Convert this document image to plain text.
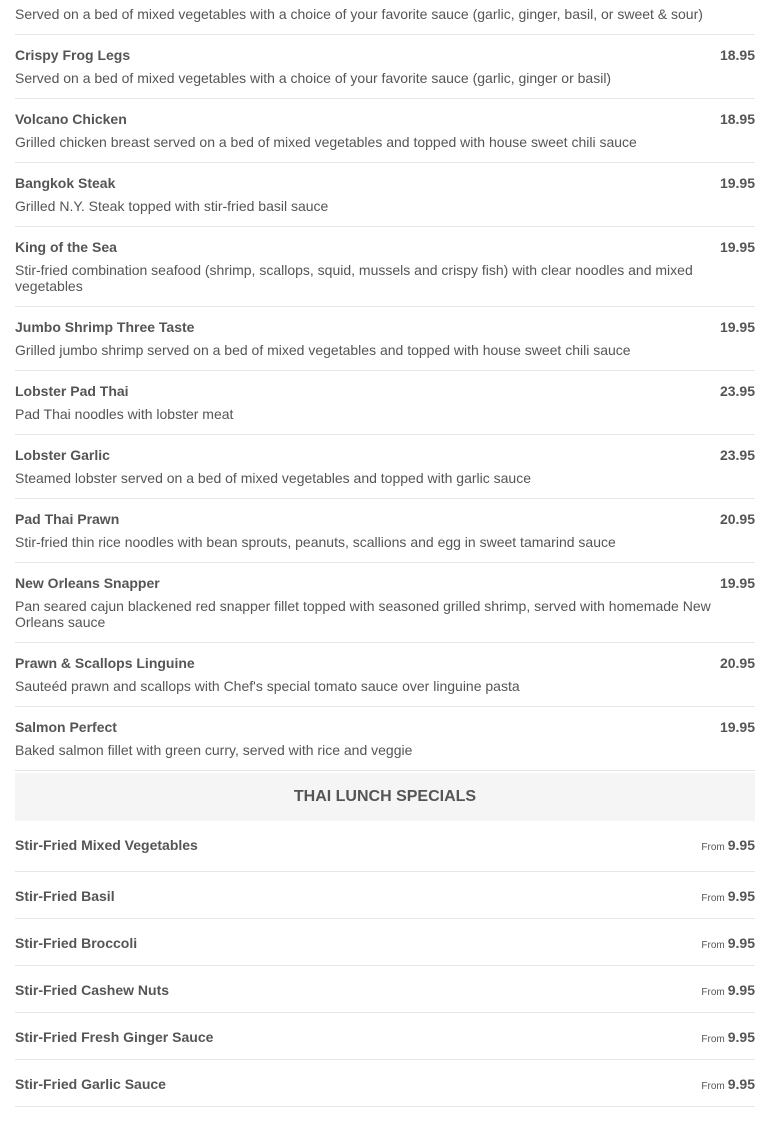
Served on a bed of mixed vegetables with a choice of your favorite sauce (garlic, ginger, basil, or sweet & sour)
Crispy Frog Legs	18.95
Served on a bed of mixed vegetables with a choice of your favorite sauce (garlic, ginger or basil)
Volcano Chicken	18.95
Grilled chicken breast served on a bed of mixed vegetables and topped with house sweet chili sauce
Bangkok Steak	19.95
Grilled N.Y. Steak topped with stir-fried basil sauce
King of the Sea	19.95
Stir-fried combination seafood (shrimp, scallops, squid, mussels and crispy fish) with clear noodles and mixed vegetables
Jumbo Shrimp Three Taste	19.95
Grilled jumbo shrimp served on a bed of mixed vegetables and topped with house sweet chili sauce
Lobster Pad Thai	23.95
Pad Thai noodles with lobster meat
Lobster Garlic	23.95
Steamed lobster served on a bed of mixed vegetables and topped with garlic sauce
Pad Thai Prawn	20.95
Stir-fried thin rice noodles with bean sprouts, peanuts, scallions and egg in sweet tamarind sauce
New Orleans Snapper	19.95
Pan seared cajun blackened red snapper fillet topped with seasoned grilled shrimp, served with homemade New Orleans sauce
Prawn & Scallops Linguine	20.95
Sauteéd prawn and scallops with Chef's special tomato sauce over linguine pasta
Salmon Perfect	19.95
Baked salmon fillet with green curry, served with rice and veggie
THAI LUNCH SPECIALS
Stir-Fried Mixed Vegetables	From 9.95
Stir-Fried Basil	From 9.95
Stir-Fried Broccoli	From 9.95
Stir-Fried Cashew Nuts	From 9.95
Stir-Fried Fresh Ginger Sauce	From 9.95
Stir-Fried Garlic Sauce	From 9.95
